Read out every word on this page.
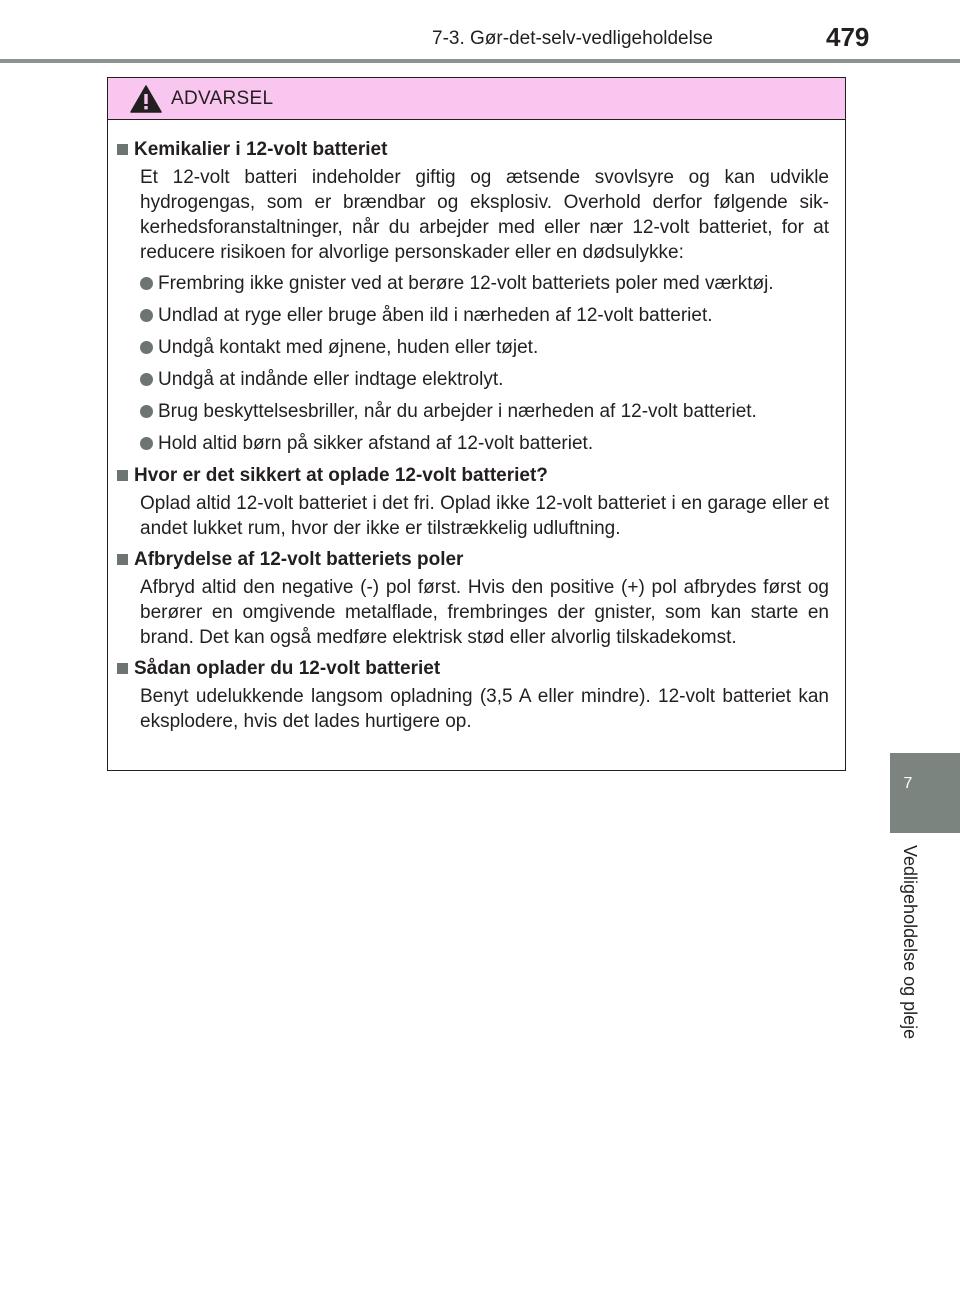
7-3. Gør-det-selv-vedligeholdelse	479
7
Vedligeholdelse og pleje
ADVARSEL
Kemikalier i 12-volt batteriet
Et 12-volt batteri indeholder giftig og ætsende svovlsyre og kan udvikle hydrogengas, som er brændbar og eksplosiv. Overhold derfor følgende sikkerhedsforanstaltninger, når du arbejder med eller nær 12-volt batteriet, for at reducere risikoen for alvorlige personskader eller en dødsulykke:
Frembring ikke gnister ved at berøre 12-volt batteriets poler med værktøj.
Undlad at ryge eller bruge åben ild i nærheden af 12-volt batteriet.
Undgå kontakt med øjnene, huden eller tøjet.
Undgå at indånde eller indtage elektrolyt.
Brug beskyttelsesbriller, når du arbejder i nærheden af 12-volt batteriet.
Hold altid børn på sikker afstand af 12-volt batteriet.
Hvor er det sikkert at oplade 12-volt batteriet?
Oplad altid 12-volt batteriet i det fri. Oplad ikke 12-volt batteriet i en garage eller et andet lukket rum, hvor der ikke er tilstrækkelig udluftning.
Afbrydelse af 12-volt batteriets poler
Afbryd altid den negative (-) pol først. Hvis den positive (+) pol afbrydes først og berører en omgivende metalflade, frembringes der gnister, som kan starte en brand. Det kan også medføre elektrisk stød eller alvorlig tilskadekomst.
Sådan oplader du 12-volt batteriet
Benyt udelukkende langsom opladning (3,5 A eller mindre). 12-volt batteriet kan eksplodere, hvis det lades hurtigere op.
